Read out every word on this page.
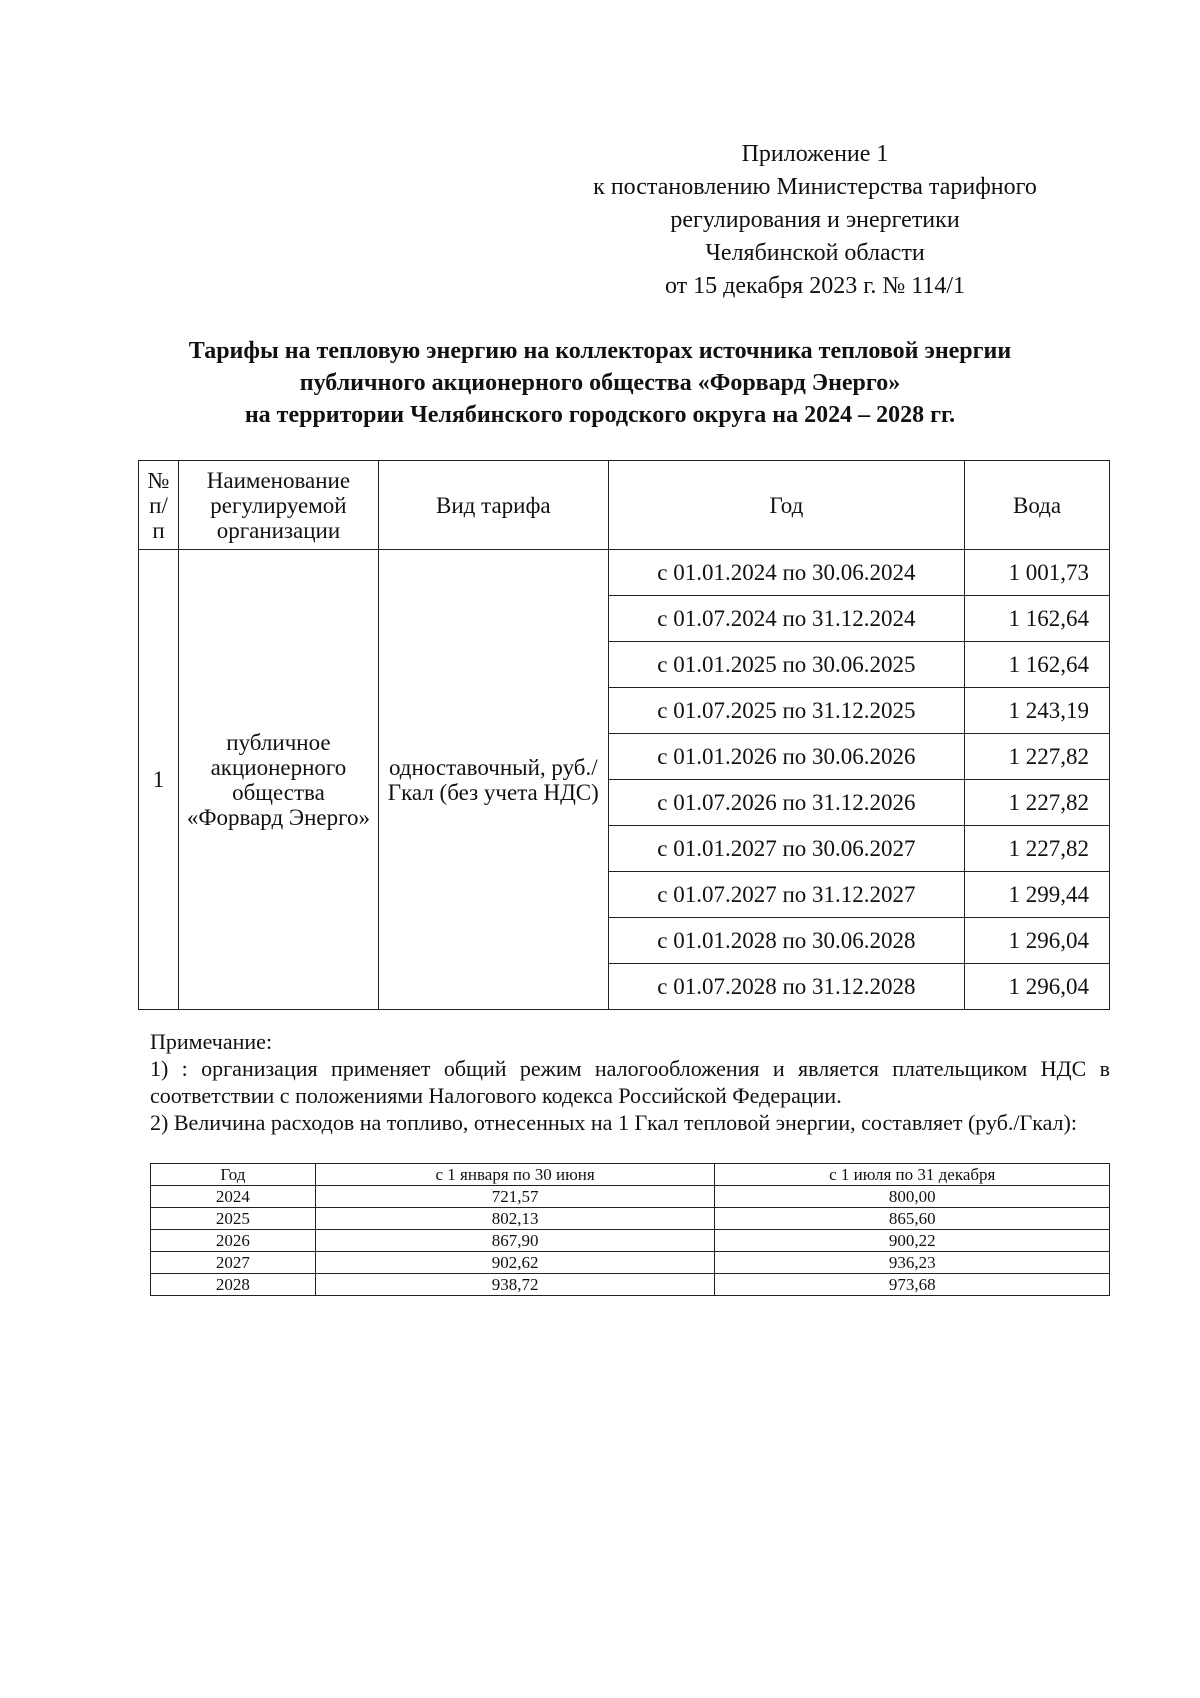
Приложение 1
к постановлению Министерства тарифного
регулирования и энергетики
Челябинской области
от 15 декабря 2023 г. № 114/1
Тарифы на тепловую энергию на коллекторах источника тепловой энергии
публичного акционерного общества «Форвард Энерго»
на территории Челябинского городского округа на 2024 – 2028 гг.
№ п/п	Наименование регулируемой организации	Вид тарифа	Год	Вода
1	публичное акционерного общества «Форвард Энерго»	одноставочный, руб./Гкал (без учета НДС)	с 01.01.2024 по 30.06.2024	1 001,73
			с 01.07.2024 по 31.12.2024	1 162,64
			с 01.01.2025 по 30.06.2025	1 162,64
			с 01.07.2025 по 31.12.2025	1 243,19
			с 01.01.2026 по 30.06.2026	1 227,82
			с 01.07.2026 по 31.12.2026	1 227,82
			с 01.01.2027 по 30.06.2027	1 227,82
			с 01.07.2027 по 31.12.2027	1 299,44
			с 01.01.2028 по 30.06.2028	1 296,04
			с 01.07.2028 по 31.12.2028	1 296,04

Примечание:

1) : организация применяет общий режим налогообложения и является плательщиком НДС в соответствии с положениями Налогового кодекса Российской Федерации.

2) Величина расходов на топливо, отнесенных на 1 Гкал тепловой энергии, составляет (руб./Гкал):

Год	с 1 января по 30 июня	с 1 июля по 31 декабря
2024	721,57	800,00
2025	802,13	865,60
2026	867,90	900,22
2027	902,62	936,23
2028	938,72	973,68
